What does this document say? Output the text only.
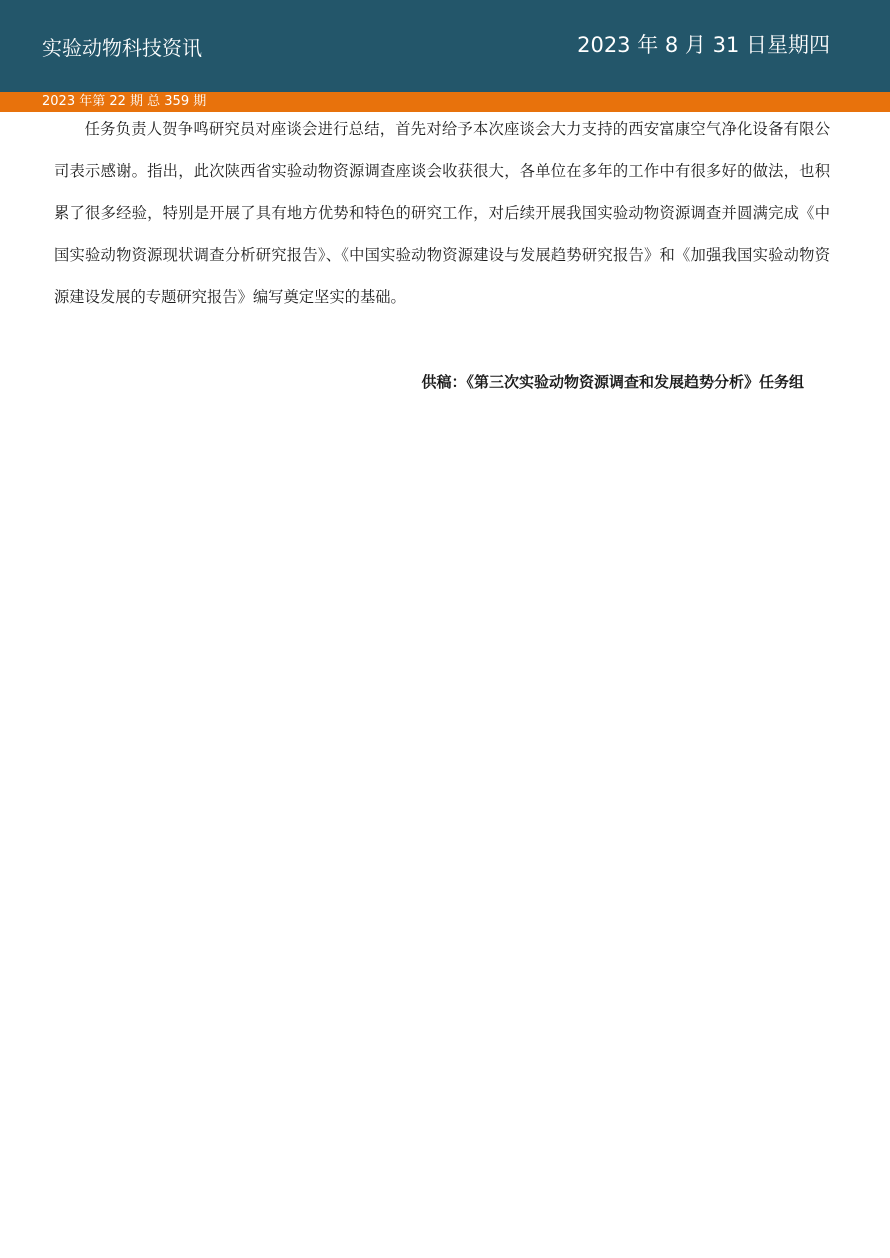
实验动物科技资讯	2023 年 8 月 31 日星期四
2023 年第 22 期 总 359 期

任务负责人贺争鸣研究员对座谈会进行总结，首先对给予本次座谈会大力支持的西安富康空气净化设备有限公司表示感谢。指出，此次陕西省实验动物资源调查座谈会收获很大，各单位在多年的工作中有很多好的做法，也积累了很多经验，特别是开展了具有地方优势和特色的研究工作，对后续开展我国实验动物资源调查并圆满完成《中国实验动物资源现状调查分析研究报告》、《中国实验动物资源建设与发展趋势研究报告》和《加强我国实验动物资源建设发展的专题研究报告》编写奠定坚实的基础。

供稿：《第三次实验动物资源调查和发展趋势分析》任务组
